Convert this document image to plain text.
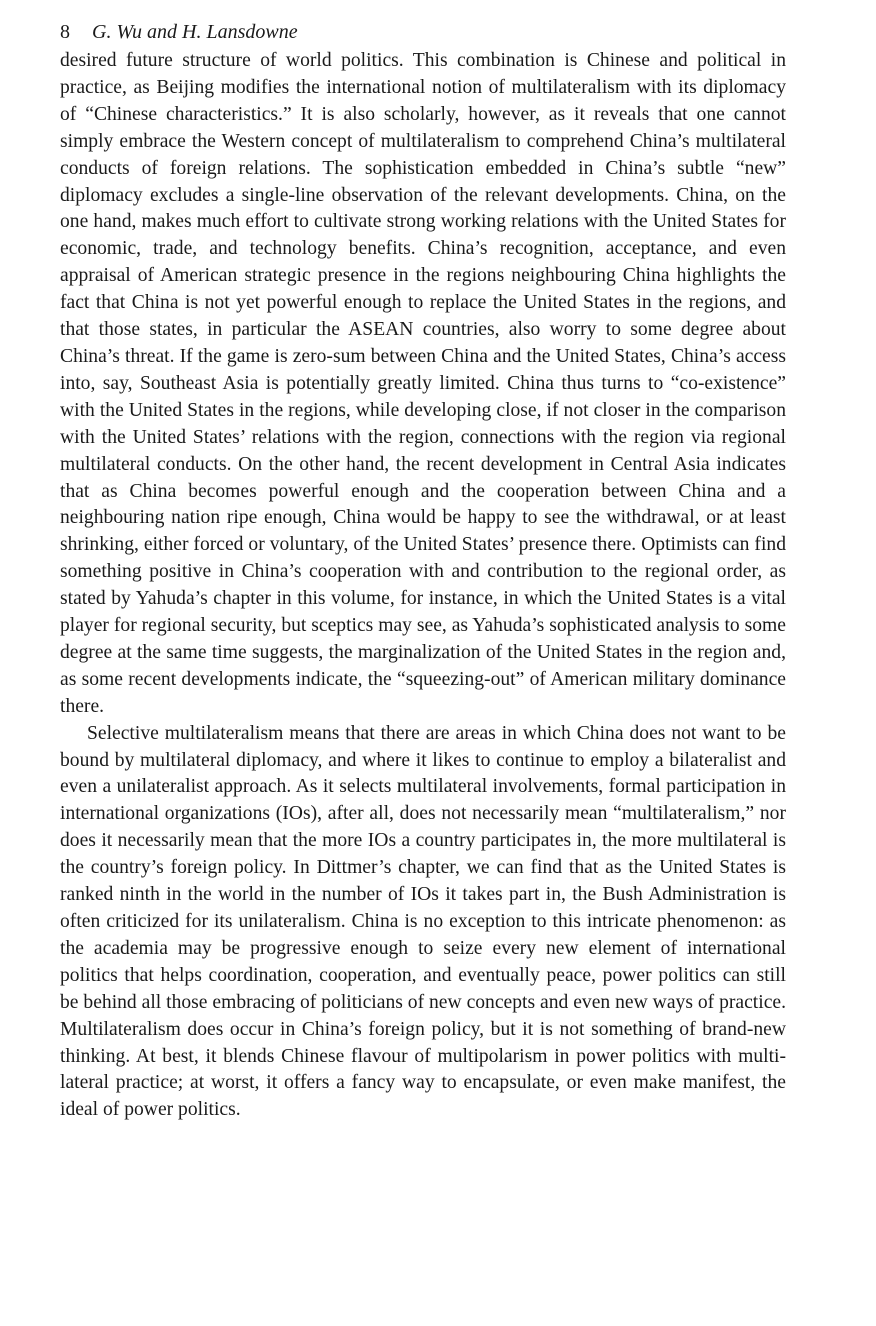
8 G. Wu and H. Lansdowne

desired future structure of world politics. This combination is Chinese and political in practice, as Beijing modifies the international notion of multilateralism with its diplomacy of “Chinese characteristics.” It is also scholarly, however, as it reveals that one cannot simply embrace the Western concept of multilateralism to comprehend China’s multilateral conducts of foreign relations. The sophistication embedded in China’s subtle “new” diplomacy excludes a single-line observation of the relevant developments. China, on the one hand, makes much effort to cultivate strong working relations with the United States for economic, trade, and technology benefits. China’s recognition, acceptance, and even appraisal of American strategic presence in the regions neighbouring China highlights the fact that China is not yet powerful enough to replace the United States in the regions, and that those states, in particular the ASEAN countries, also worry to some degree about China’s threat. If the game is zero-sum between China and the United States, China’s access into, say, Southeast Asia is potentially greatly limited. China thus turns to “co-existence” with the United States in the regions, while developing close, if not closer in the comparison with the United States’ relations with the region, connections with the region via regional multilateral conducts. On the other hand, the recent development in Central Asia indicates that as China becomes powerful enough and the cooperation between China and a neighbouring nation ripe enough, China would be happy to see the withdrawal, or at least shrinking, either forced or voluntary, of the United States’ presence there. Optimists can find something positive in China’s cooperation with and contribution to the regional order, as stated by Yahuda’s chapter in this volume, for instance, in which the United States is a vital player for regional security, but sceptics may see, as Yahuda’s sophisticated analysis to some degree at the same time suggests, the marginalization of the United States in the region and, as some recent developments indicate, the “squeezing-out” of American military dominance there.

Selective multilateralism means that there are areas in which China does not want to be bound by multilateral diplomacy, and where it likes to continue to employ a bilateralist and even a unilateralist approach. As it selects multilateral involvements, formal participation in international organizations (IOs), after all, does not necessarily mean “multilateralism,” nor does it necessarily mean that the more IOs a country participates in, the more multilateral is the country’s foreign policy. In Dittmer’s chapter, we can find that as the United States is ranked ninth in the world in the number of IOs it takes part in, the Bush Administration is often criticized for its unilateralism. China is no exception to this intricate phenomenon: as the academia may be progressive enough to seize every new element of international politics that helps coordination, cooperation, and eventually peace, power politics can still be behind all those embracing of politicians of new concepts and even new ways of practice. Multilateralism does occur in China’s foreign policy, but it is not something of brand-new thinking. At best, it blends Chinese flavour of multipolarism in power politics with multilateral practice; at worst, it offers a fancy way to encapsulate, or even make manifest, the ideal of power politics.
